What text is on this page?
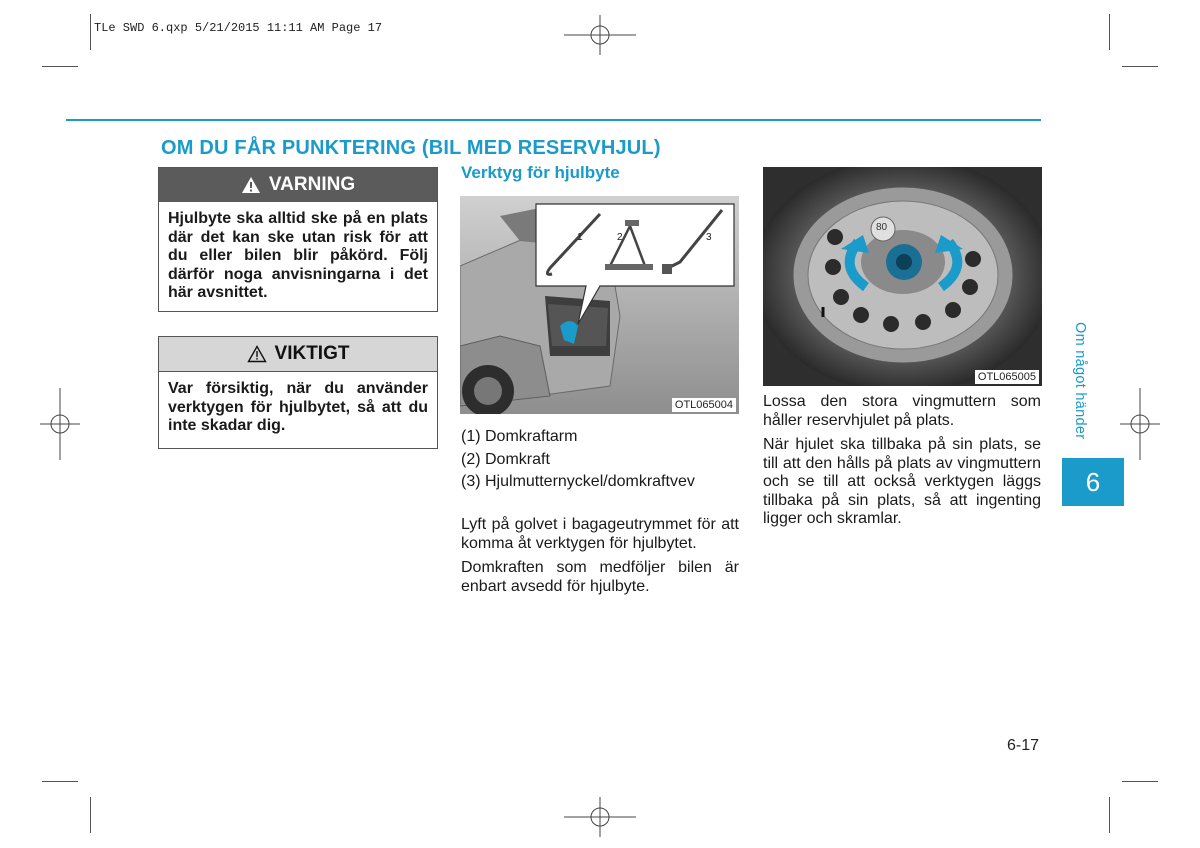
TLe SWD 6.qxp 5/21/2015 11:11 AM Page 17
OM DU FÅR PUNKTERING (BIL MED RESERVHJUL)
VARNING
Hjulbyte ska alltid ske på en plats där det kan ske utan risk för att du eller bilen blir påkörd. Följ därför noga anvisningarna i det här avsnittet.
VIKTIGT
Var försiktig, när du använder verktygen för hjulbytet, så att du inte skadar dig.
Verktyg för hjulbyte
1	2	3
OTL065004
(1) Domkraftarm
(2) Domkraft
(3) Hjulmutternyckel/domkraftvev

Lyft på golvet i bagageutrymmet för att komma åt verktygen för hjulbytet.

Domkraften som medföljer bilen är enbart avsedd för hjulbyte.

80
OTL065005

Lossa den stora vingmuttern som håller reservhjulet på plats.

När hjulet ska tillbaka på sin plats, se till att den hålls på plats av vingmuttern och se till att också verktygen läggs tillbaka på sin plats, så att ingenting ligger och skramlar.

Om något händer
6
6-17
